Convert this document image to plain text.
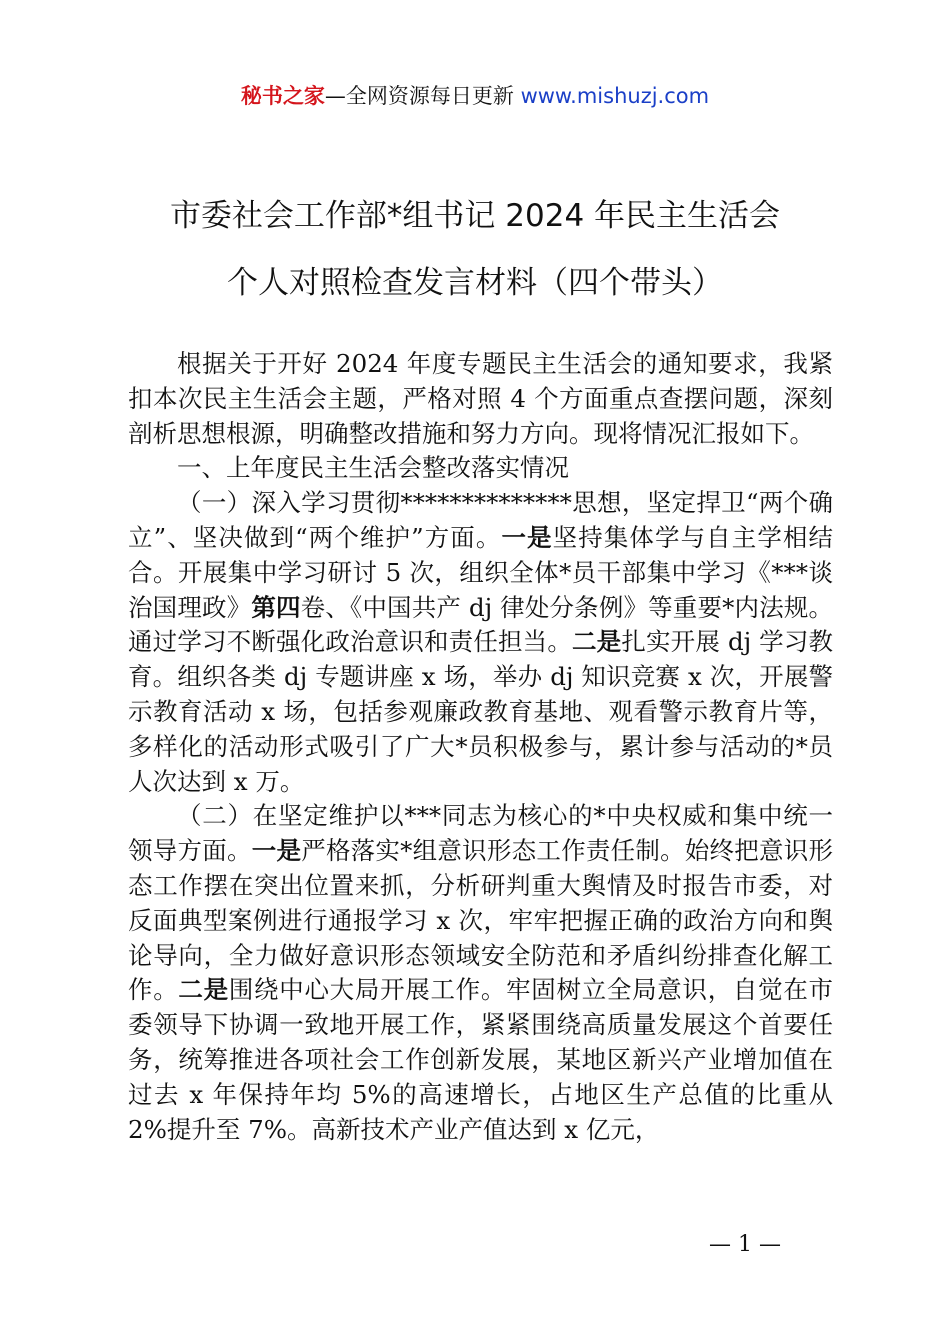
秘书之家—全网资源每日更新 www.mishuzj.com
市委社会工作部*组书记 2024 年民主生活会
个人对照检查发言材料（四个带头）

根据关于开好 2024 年度专题民主生活会的通知要求，我紧扣本次民主生活会主题，严格对照 4 个方面重点查摆问题，深刻剖析思想根源，明确整改措施和努力方向。现将情况汇报如下。

一、上年度民主生活会整改落实情况

（一）深入学习贯彻**************思想，坚定捍卫“两个确立”、坚决做到“两个维护”方面。一是坚持集体学与自主学相结合。开展集中学习研讨 5 次，组织全体*员干部集中学习《***谈治国理政》第四卷、《中国共产 dj 律处分条例》等重要*内法规。通过学习不断强化政治意识和责任担当。二是扎实开展 dj 学习教育。组织各类 dj 专题讲座 x 场，举办 dj 知识竞赛 x 次，开展警示教育活动 x 场，包括参观廉政教育基地、观看警示教育片等，多样化的活动形式吸引了广大*员积极参与，累计参与活动的*员人次达到 x 万。

（二）在坚定维护以***同志为核心的*中央权威和集中统一领导方面。一是严格落实*组意识形态工作责任制。始终把意识形态工作摆在突出位置来抓，分析研判重大舆情及时报告市委，对反面典型案例进行通报学习 x 次，牢牢把握正确的政治方向和舆论导向，全力做好意识形态领域安全防范和矛盾纠纷排查化解工作。二是围绕中心大局开展工作。牢固树立全局意识，自觉在市委领导下协调一致地开展工作，紧紧围绕高质量发展这个首要任务，统筹推进各项社会工作创新发展，某地区新兴产业增加值在过去 x 年保持年均 5%的高速增长，占地区生产总值的比重从 2%提升至 7%。高新技术产业产值达到 x 亿元，

— 1 —
